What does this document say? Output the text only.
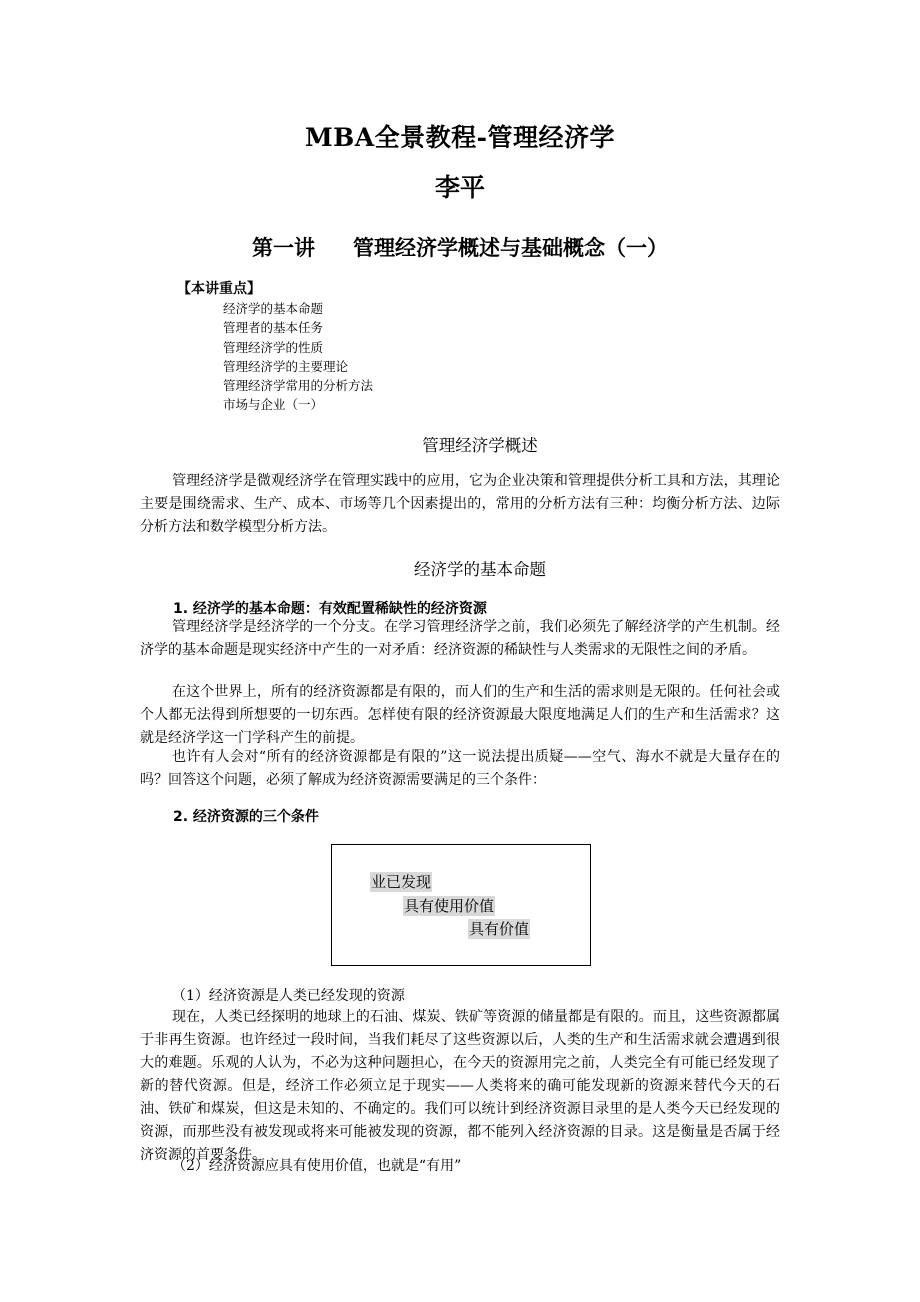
MBA全景教程-管理经济学
李平
第一讲 管理经济学概述与基础概念（一）
【本讲重点】
经济学的基本命题
管理者的基本任务
管理经济学的性质
管理经济学的主要理论
管理经济学常用的分析方法
市场与企业（一）
管理经济学概述

管理经济学是微观经济学在管理实践中的应用，它为企业决策和管理提供分析工具和方法，其理论主要是围绕需求、生产、成本、市场等几个因素提出的，常用的分析方法有三种：均衡分析方法、边际分析方法和数学模型分析方法。

经济学的基本命题
1. 经济学的基本命题：有效配置稀缺性的经济资源

管理经济学是经济学的一个分支。在学习管理经济学之前，我们必须先了解经济学的产生机制。经济学的基本命题是现实经济中产生的一对矛盾：经济资源的稀缺性与人类需求的无限性之间的矛盾。

在这个世界上，所有的经济资源都是有限的，而人们的生产和生活的需求则是无限的。任何社会或个人都无法得到所想要的一切东西。怎样使有限的经济资源最大限度地满足人们的生产和生活需求？这就是经济学这一门学科产生的前提。

也许有人会对“所有的经济资源都是有限的”这一说法提出质疑——空气、海水不就是大量存在的吗？回答这个问题，必须了解成为经济资源需要满足的三个条件：

2. 经济资源的三个条件
业已发现
具有使用价值
具有价值
（1）经济资源是人类已经发现的资源

现在，人类已经探明的地球上的石油、煤炭、铁矿等资源的储量都是有限的。而且，这些资源都属于非再生资源。也许经过一段时间，当我们耗尽了这些资源以后，人类的生产和生活需求就会遭遇到很大的难题。乐观的人认为，不必为这种问题担心，在今天的资源用完之前，人类完全有可能已经发现了新的替代资源。但是，经济工作必须立足于现实——人类将来的确可能发现新的资源来替代今天的石油、铁矿和煤炭，但这是未知的、不确定的。我们可以统计到经济资源目录里的是人类今天已经发现的资源，而那些没有被发现或将来可能被发现的资源，都不能列入经济资源的目录。这是衡量是否属于经济资源的首要条件。

（2）经济资源应具有使用价值，也就是“有用”
